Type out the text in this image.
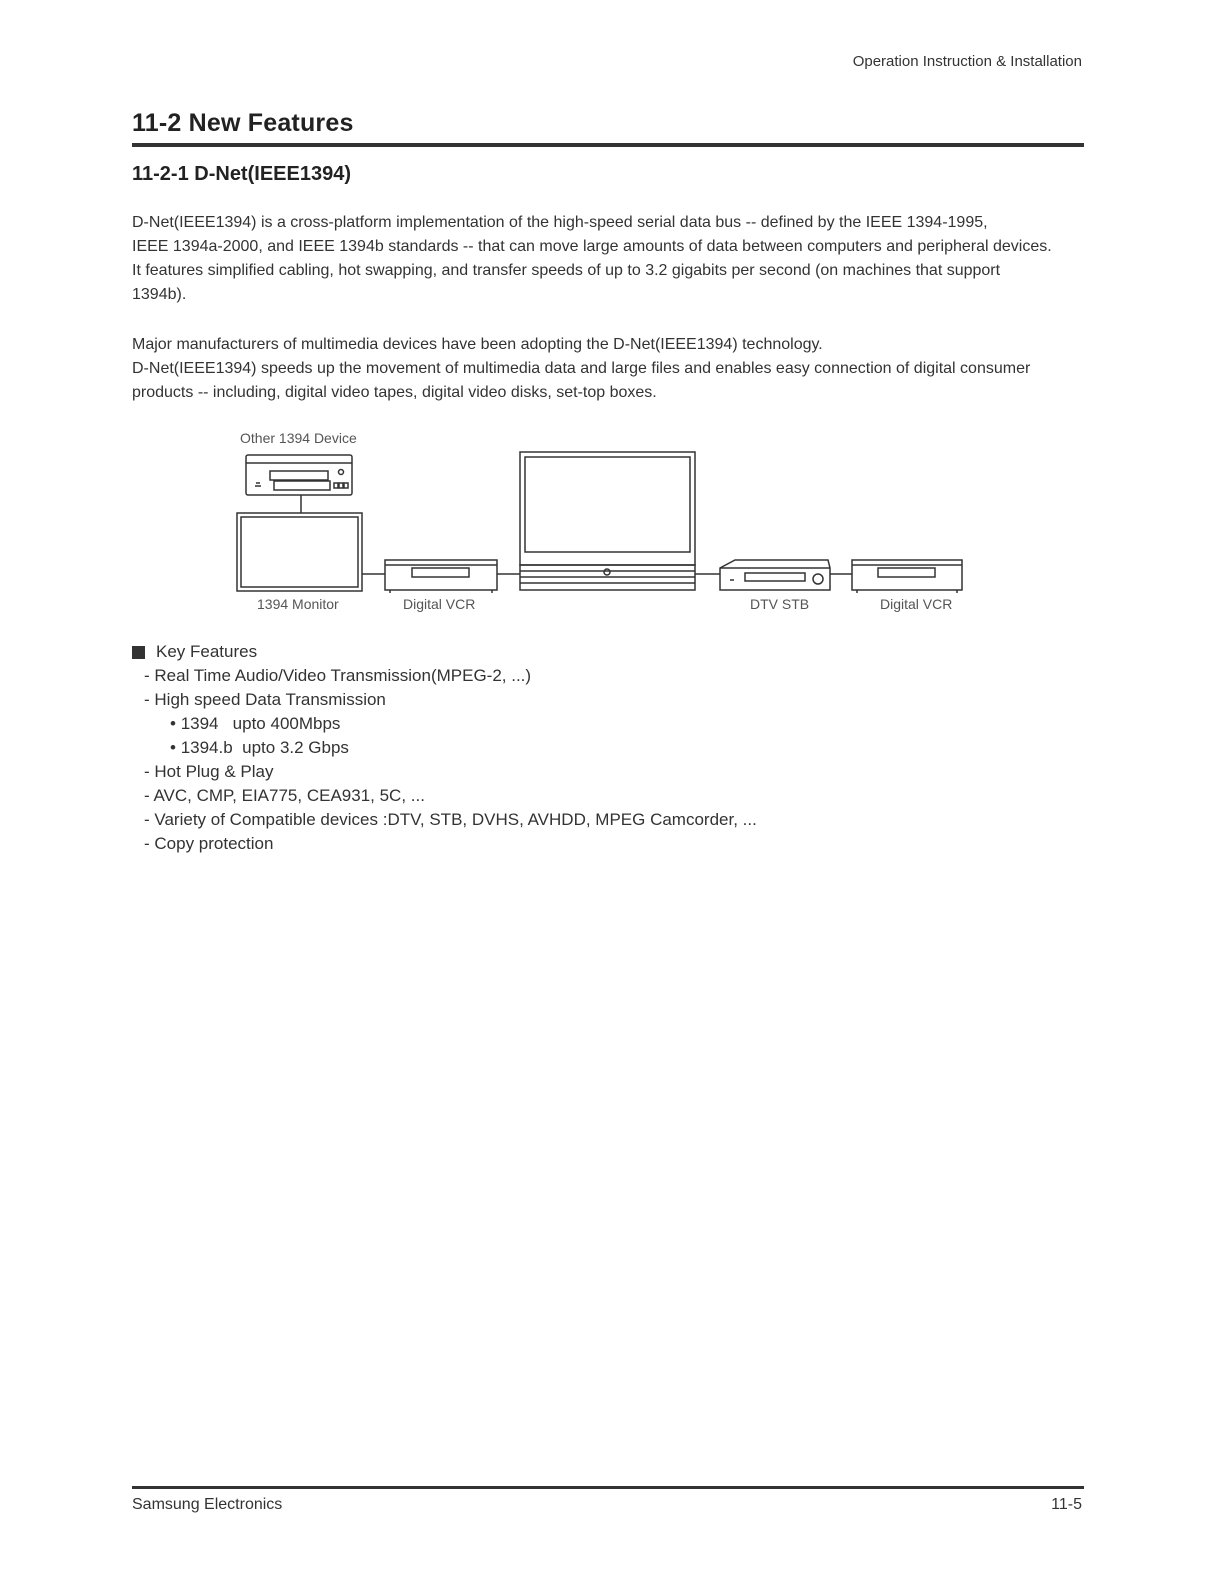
Operation Instruction & Installation
11-2 New Features
11-2-1 D-Net(IEEE1394)
D-Net(IEEE1394) is a cross-platform implementation of the high-speed serial data bus -- defined by the IEEE 1394-1995,
IEEE 1394a-2000, and IEEE 1394b standards -- that can move large amounts of data between computers and peripheral devices.
It features simplified cabling, hot swapping, and transfer speeds of up to 3.2 gigabits per second (on machines that support
1394b).
Major manufacturers of multimedia devices have been adopting the D-Net(IEEE1394) technology.
D-Net(IEEE1394) speeds up the movement of multimedia data and large files and enables easy connection of digital consumer
products -- including, digital video tapes, digital video disks, set-top boxes.
Other 1394 Device
1394 Monitor	Digital VCR	DTV STB	Digital VCR
Key Features
- Real Time Audio/Video Transmission(MPEG-2, ...)
- High speed Data Transmission
• 1394   upto 400Mbps
• 1394.b  upto 3.2 Gbps
- Hot Plug & Play
- AVC, CMP, EIA775, CEA931, 5C, ...
- Variety of Compatible devices :DTV, STB, DVHS, AVHDD, MPEG Camcorder, ...
- Copy protection
Samsung Electronics	11-5
